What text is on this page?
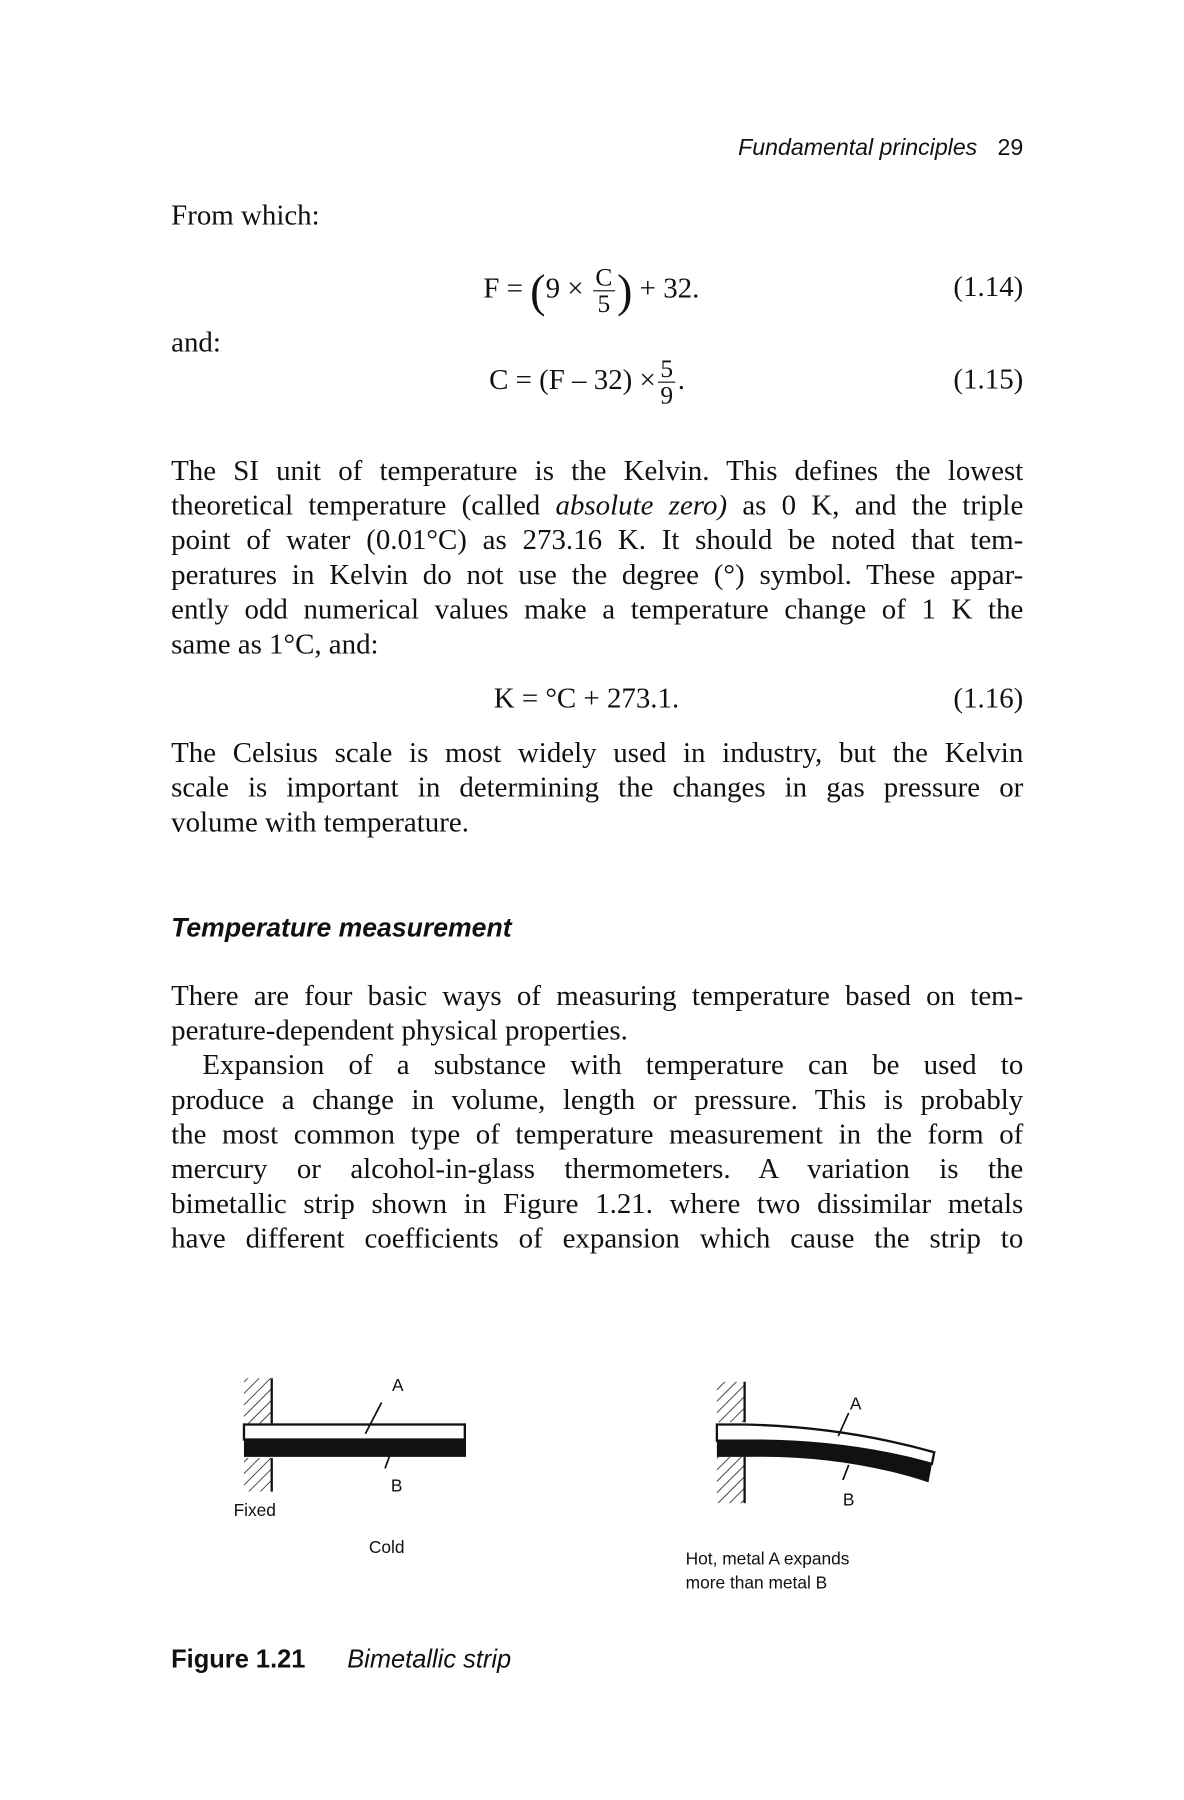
Fundamental principles 29
From which:
$F = (9 \times \frac{C}{5}$ ) + 32.	(1.14)
and:
$C = (F - 32) \times \frac{5}{9}$ .	(1.15)
The SI unit of temperature is the Kelvin. This defines the lowest
theoretical temperature (called absolute zero) as 0 K, and the triple
point of water (0.01°C) as 273.16 K. It should be noted that tem-
peratures in Kelvin do not use the degree (°) symbol. These appar-
ently odd numerical values make a temperature change of 1 K the
same as 1°C, and:
K = °C + 273.1.	(1.16)
The Celsius scale is most widely used in industry, but the Kelvin
scale is important in determining the changes in gas pressure or
volume with temperature.
Temperature measurement
There are four basic ways of measuring temperature based on tem-
perature-dependent physical properties.
Expansion of a substance with temperature can be used to
produce a change in volume, length or pressure. This is probably
the most common type of temperature measurement in the form of
mercury or alcohol-in-glass thermometers. A variation is the
bimetallic strip shown in Figure 1.21. where two dissimilar metals
have different coefficients of expansion which cause the strip to
A
B
Fixed
Cold
A
B
Hot, metal A expands
more than metal B
Figure 1.21 Bimetallic strip
